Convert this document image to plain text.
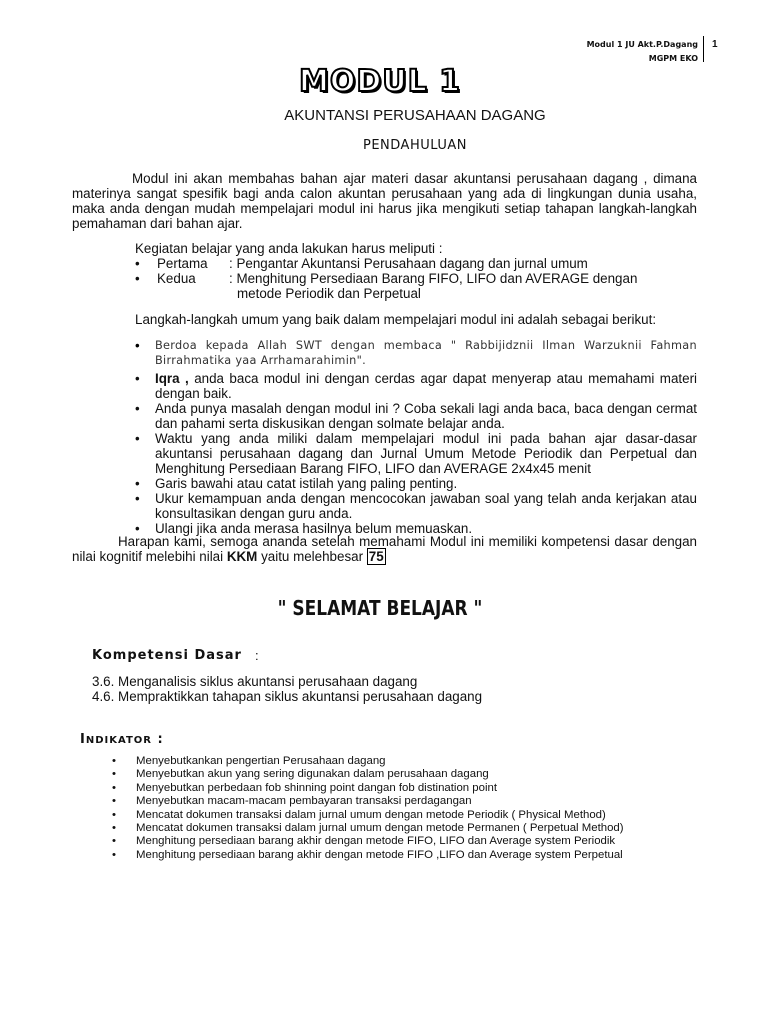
Modul 1 JU Akt.P.Dagang
MGPM EKO
1
MODUL 1
AKUNTANSI PERUSAHAAN DAGANG
PENDAHULUAN

Modul ini akan membahas bahan ajar materi dasar akuntansi perusahaan dagang , dimana materinya sangat spesifik bagi anda calon akuntan perusahaan yang ada di lingkungan dunia usaha, maka anda dengan mudah mempelajari modul ini harus jika mengikuti setiap tahapan langkah-langkah pemahaman dari bahan ajar.

Kegiatan belajar yang anda lakukan harus meliputi :
• Pertama : Pengantar Akuntansi Perusahaan dagang dan jurnal umum
• Kedua : Menghitung Persediaan Barang FIFO, LIFO dan AVERAGE dengan
metode Periodik dan Perpetual
Langkah-langkah umum yang baik dalam mempelajari modul ini adalah sebagai berikut:
• Berdoa kepada Allah SWT dengan membaca " Rabbijidznii Ilman Warzuknii Fahman Birrahmatika yaa Arrhamarahimin".
• Iqra , anda baca modul ini dengan cerdas agar dapat menyerap atau memahami materi dengan baik.
• Anda punya masalah dengan modul ini ? Coba sekali lagi anda baca, baca dengan cermat dan pahami serta diskusikan dengan solmate belajar anda.
• Waktu yang anda miliki dalam mempelajari modul ini pada bahan ajar dasar-dasar akuntansi perusahaan dagang dan Jurnal Umum Metode Periodik dan Perpetual dan Menghitung Persediaan Barang FIFO, LIFO dan AVERAGE 2x4x45 menit
• Garis bawahi atau catat istilah yang paling penting.
• Ukur kemampuan anda dengan mencocokan jawaban soal yang telah anda kerjakan atau konsultasikan dengan guru anda.
• Ulangi jika anda merasa hasilnya belum memuaskan.

Harapan kami, semoga ananda setelah memahami Modul ini memiliki kompetensi dasar dengan nilai kognitif melebihi nilai KKM yaitu melehbesar 75

" SELAMAT BELAJAR "
Kompetensi Dasar :
3.6. Menganalisis siklus akuntansi perusahaan dagang
4.6. Mempraktikkan tahapan siklus akuntansi perusahaan dagang
INDIKATOR :
• Menyebutkankan pengertian Perusahaan dagang
• Menyebutkan akun yang sering digunakan dalam perusahaan dagang
• Menyebutkan perbedaan fob shinning point dangan fob distination point
• Menyebutkan macam-macam pembayaran transaksi perdagangan
• Mencatat dokumen transaksi dalam jurnal umum dengan metode Periodik ( Physical Method)
• Mencatat dokumen transaksi dalam jurnal umum dengan metode Permanen ( Perpetual Method)
• Menghitung persediaan barang akhir dengan metode FIFO, LIFO dan Average system Periodik
• Menghitung persediaan barang akhir dengan metode FIFO ,LIFO dan Average system Perpetual
